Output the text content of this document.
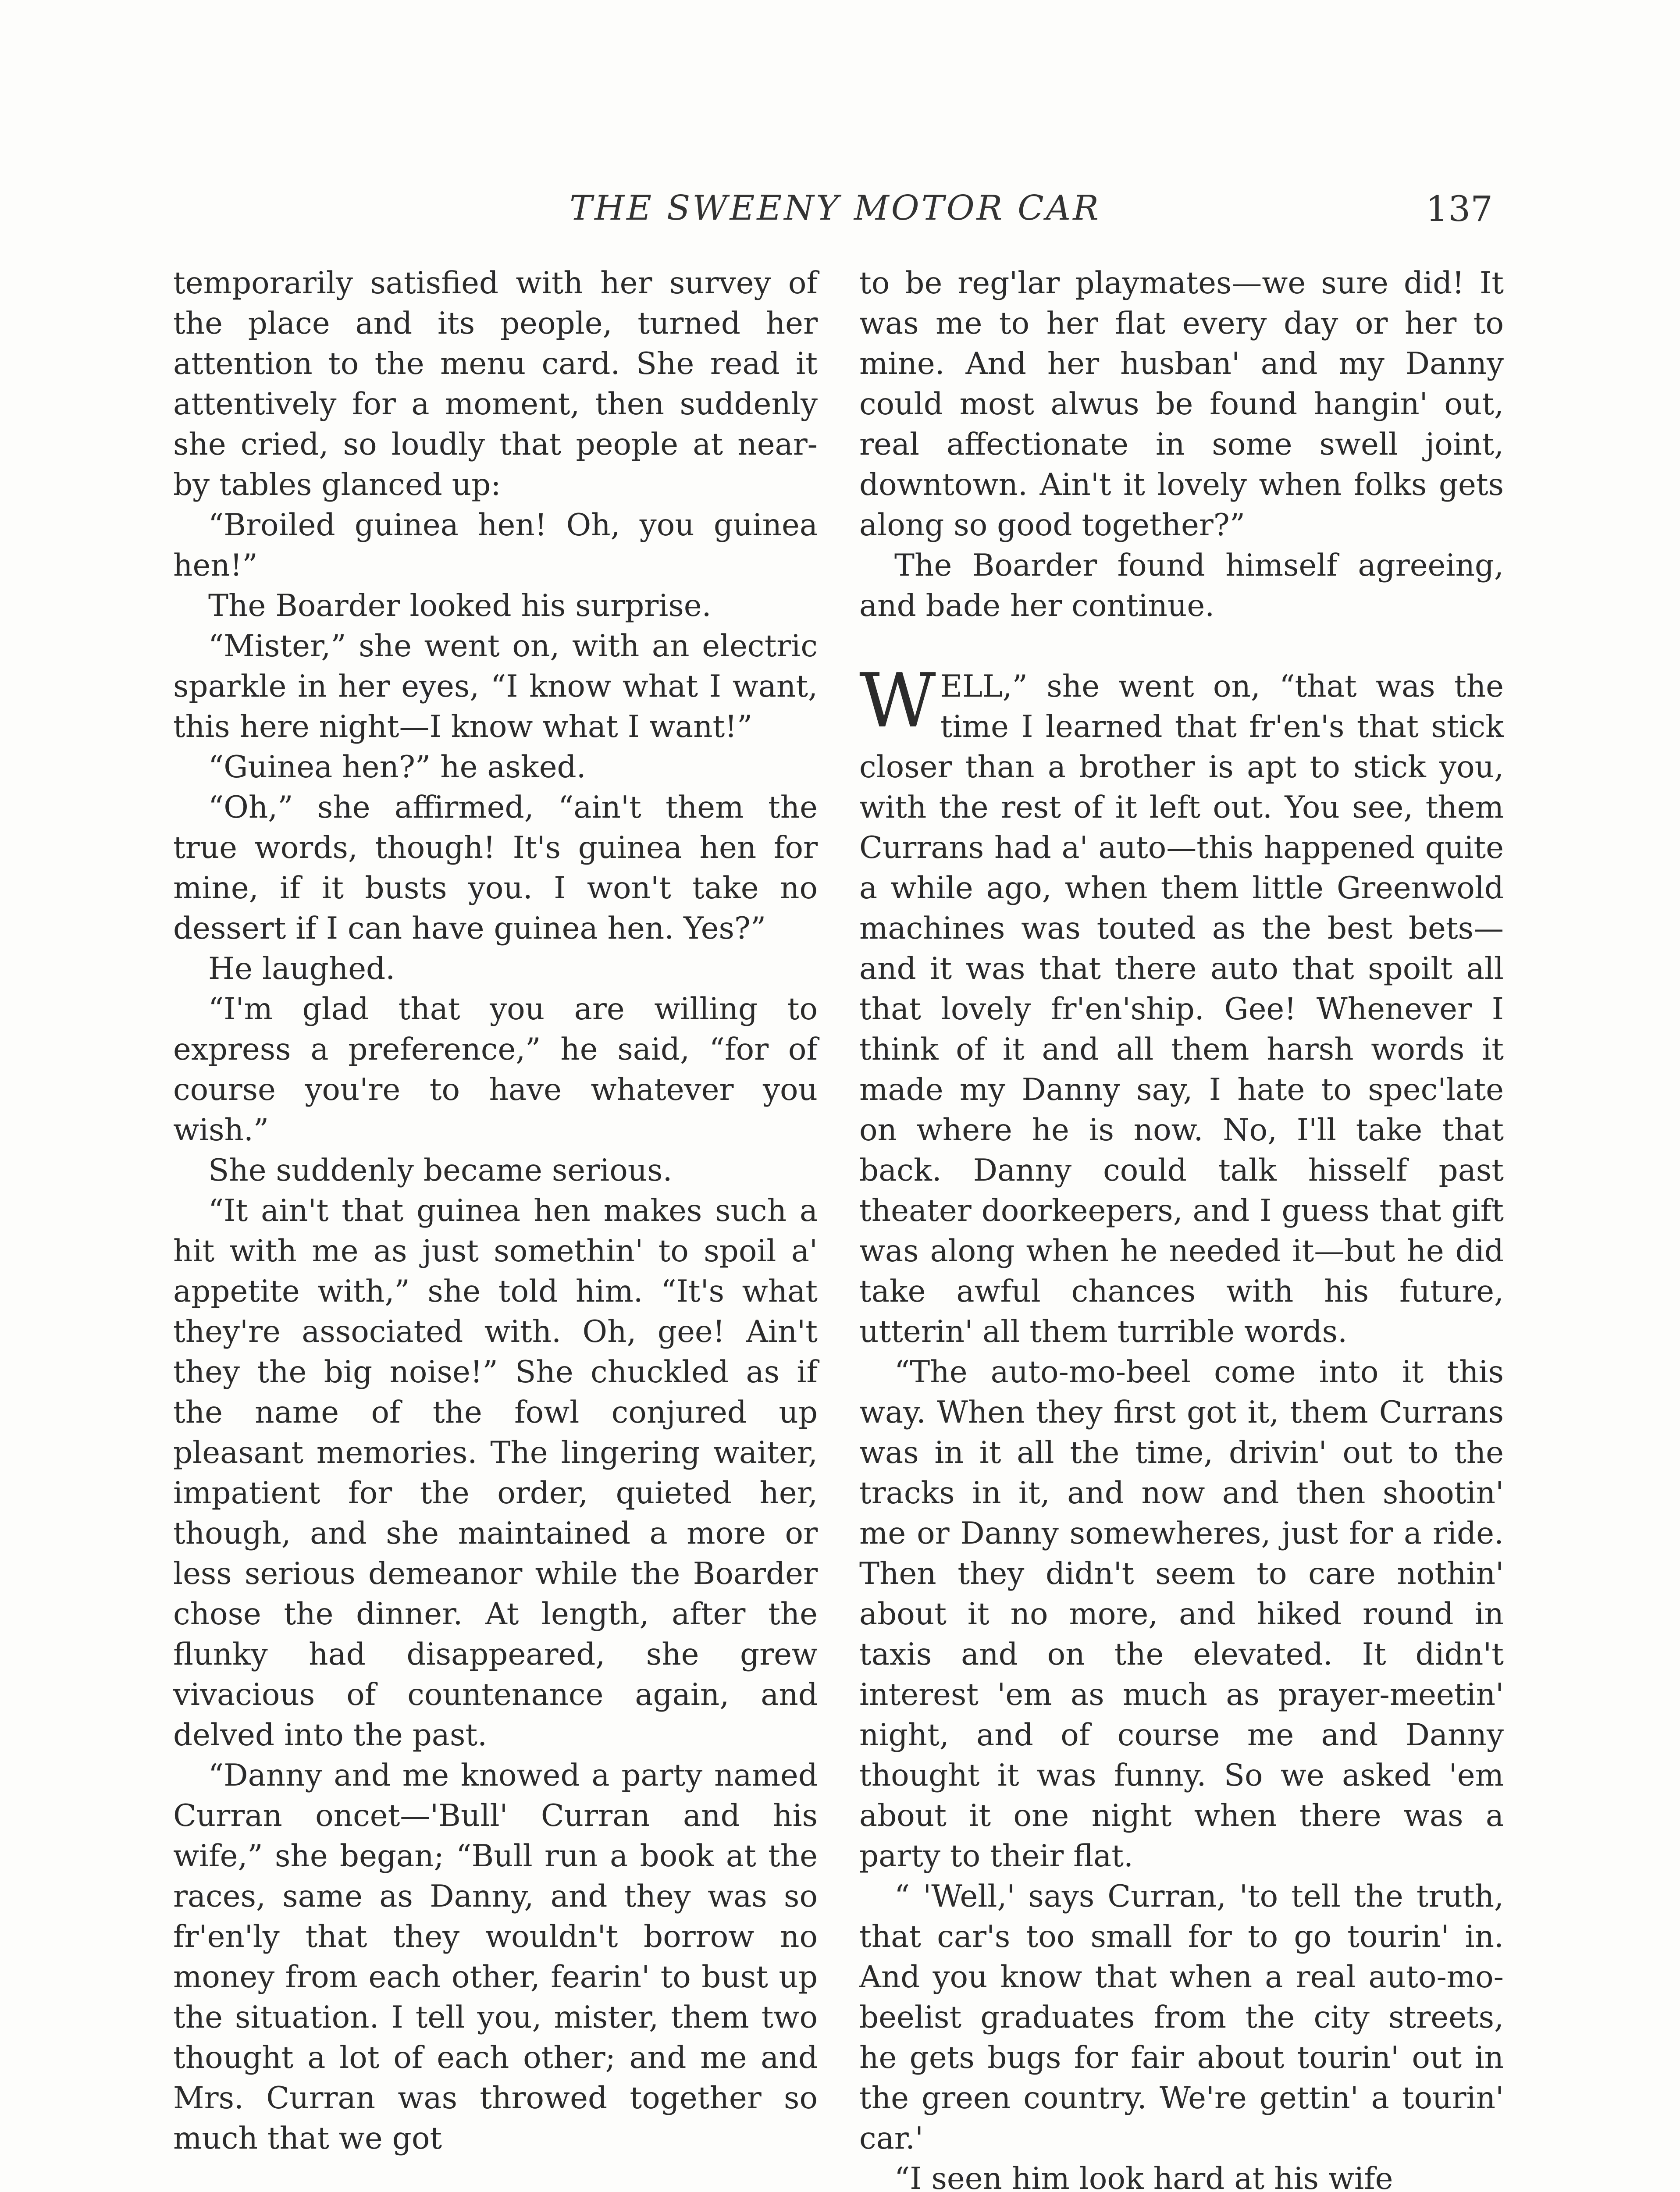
THE SWEENY MOTOR CAR	137

temporarily satisfied with her survey of the place and its people, turned her attention to the menu card. She read it attentively for a moment, then suddenly she cried, so loudly that people at near-by tables glanced up:

“Broiled guinea hen! Oh, you guinea hen!”

The Boarder looked his surprise.

“Mister,” she went on, with an electric sparkle in her eyes, “I know what I want, this here night—I know what I want!”

“Guinea hen?” he asked.

“Oh,” she affirmed, “ain't them the true words, though! It's guinea hen for mine, if it busts you. I won't take no dessert if I can have guinea hen. Yes?”

He laughed.

“I'm glad that you are willing to express a preference,” he said, “for of course you're to have whatever you wish.”

She suddenly became serious.

“It ain't that guinea hen makes such a hit with me as just somethin' to spoil a' appetite with,” she told him. “It's what they're associated with. Oh, gee! Ain't they the big noise!” She chuckled as if the name of the fowl conjured up pleasant memories. The lingering waiter, impatient for the order, quieted her, though, and she maintained a more or less serious demeanor while the Boarder chose the dinner. At length, after the flunky had disappeared, she grew vivacious of countenance again, and delved into the past.

“Danny and me knowed a party named Curran oncet—'Bull' Curran and his wife,” she began; “Bull run a book at the races, same as Danny, and they was so fr'en'ly that they wouldn't borrow no money from each other, fearin' to bust up the situation. I tell you, mister, them two thought a lot of each other; and me and Mrs. Curran was throwed together so much that we got

to be reg'lar playmates—we sure did! It was me to her flat every day or her to mine. And her husban' and my Danny could most alwus be found hangin' out, real affectionate in some swell joint, downtown. Ain't it lovely when folks gets along so good together?”

The Boarder found himself agreeing, and bade her continue.

WELL,” she went on, “that was the time I learned that fr'en's that stick closer than a brother is apt to stick you, with the rest of it left out. You see, them Currans had a' auto—this happened quite a while ago, when them little Greenwold machines was touted as the best bets—and it was that there auto that spoilt all that lovely fr'en'ship. Gee! Whenever I think of it and all them harsh words it made my Danny say, I hate to spec'late on where he is now. No, I'll take that back. Danny could talk hisself past theater doorkeepers, and I guess that gift was along when he needed it—but he did take awful chances with his future, utterin' all them turrible words.

“The auto-mo-beel come into it this way. When they first got it, them Currans was in it all the time, drivin' out to the tracks in it, and now and then shootin' me or Danny somewheres, just for a ride. Then they didn't seem to care nothin' about it no more, and hiked round in taxis and on the elevated. It didn't interest 'em as much as prayer-meetin' night, and of course me and Danny thought it was funny. So we asked 'em about it one night when there was a party to their flat.

“ 'Well,' says Curran, 'to tell the truth, that car's too small for to go tourin' in. And you know that when a real auto-mo-beelist graduates from the city streets, he gets bugs for fair about tourin' out in the green country. We're gettin' a tourin' car.'

“I seen him look hard at his wife
